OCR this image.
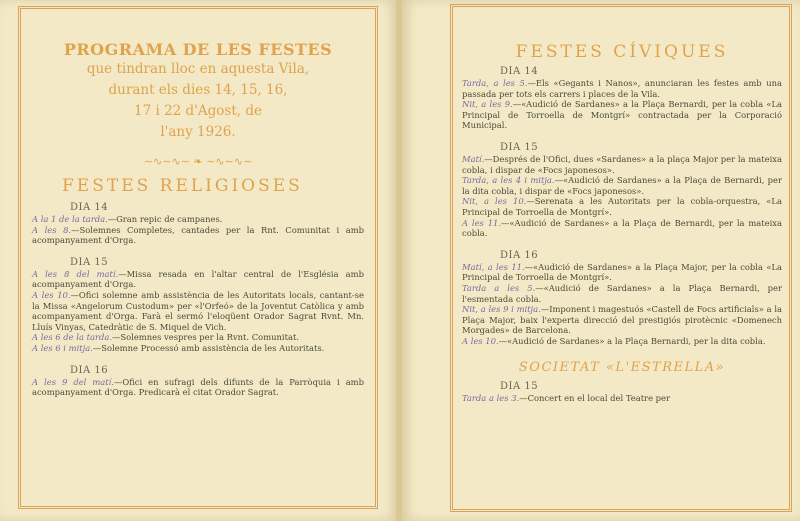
PROGRAMA DE LES FESTES

que tindran lloc en aquesta Vila,

durant els dies 14, 15, 16,

17 i 22 d'Agost, de

l'any 1926.

∼∿∼∿∼ ❧ ∼∿∼∿∼
FESTES RELIGIOSES
DIA 14

A la 1 de la tarda.—Gran repic de campanes.

A les 8.—Solemnes Completes, cantades per la Rnt. Comunitat i amb acompanyament d'Orga.

DIA 15

A les 8 del matí.—Missa resada en l'altar central de l'Església amb acompanyament d'Orga.

A les 10.—Ofici solemne amb assistència de les Autoritats locals, cantant-se la Missa «Angelorum Custodum» per «l'Orfeó» de la Joventut Catòlica y amb acompanyament d'Orga. Farà el sermó l'eloqüent Orador Sagrat Rvnt. Mn. Lluís Vinyas, Catedràtic de S. Miquel de Vich.

A les 6 de la tarda.—Solemnes vespres per la Rvnt. Comunitat.

A les 6 i mitja.—Solemne Processó amb assistència de les Autoritats.

DIA 16

A les 9 del matí.—Ofici en sufragi dels difunts de la Parròquia i amb acompanyament d'Orga. Predicarà el citat Orador Sagrat.

FESTES CÍVIQUES
DIA 14

Tarda, a les 5.—Els «Gegants i Nanos», anunciaran les festes amb una passada per tots els carrers i places de la Vila.

Nit, a les 9.—«Audició de Sardanes» a la Plaça Bernardi, per la cobla «La Principal de Torroella de Montgrí» contractada per la Corporació Municipal.

DIA 15

Matí.—Després de l'Ofici, dues «Sardanes» a la plaça Major per la mateixa cobla, i dispar de «Focs japonesos».

Tarda, a les 4 i mitja.—«Audició de Sardanes» a la Plaça de Bernardi, per la dita cobla, i dispar de «Focs japonesos».

Nit, a les 10.—Serenata a les Autoritats per la cobla-orquestra, «La Principal de Torroella de Montgrí».

A les 11.—«Audició de Sardanes» a la Plaça de Bernardi, per la mateixa cobla.

DIA 16

Matí, a les 11.—«Audició de Sardanes» a la Plaça Major, per la cobla «La Principal de Torroella de Montgrí».

Tarda a les 5.—«Audició de Sardanes» a la Plaça Bernardi, per l'esmentada cobla.

Nit, a les 9 i mitja.—Imponent i magestuós «Castell de Focs artificials» a la Plaça Major, baix l'experta direcció del prestigiós pirotècnic «Domenech Morgades» de Barcelona.

A les 10.—«Audició de Sardanes» a la Plaça Bernardi, per la dita cobla.

SOCIETAT «L'ESTRELLA»
DIA 15

Tarda a les 3.—Concert en el local del Teatre per
